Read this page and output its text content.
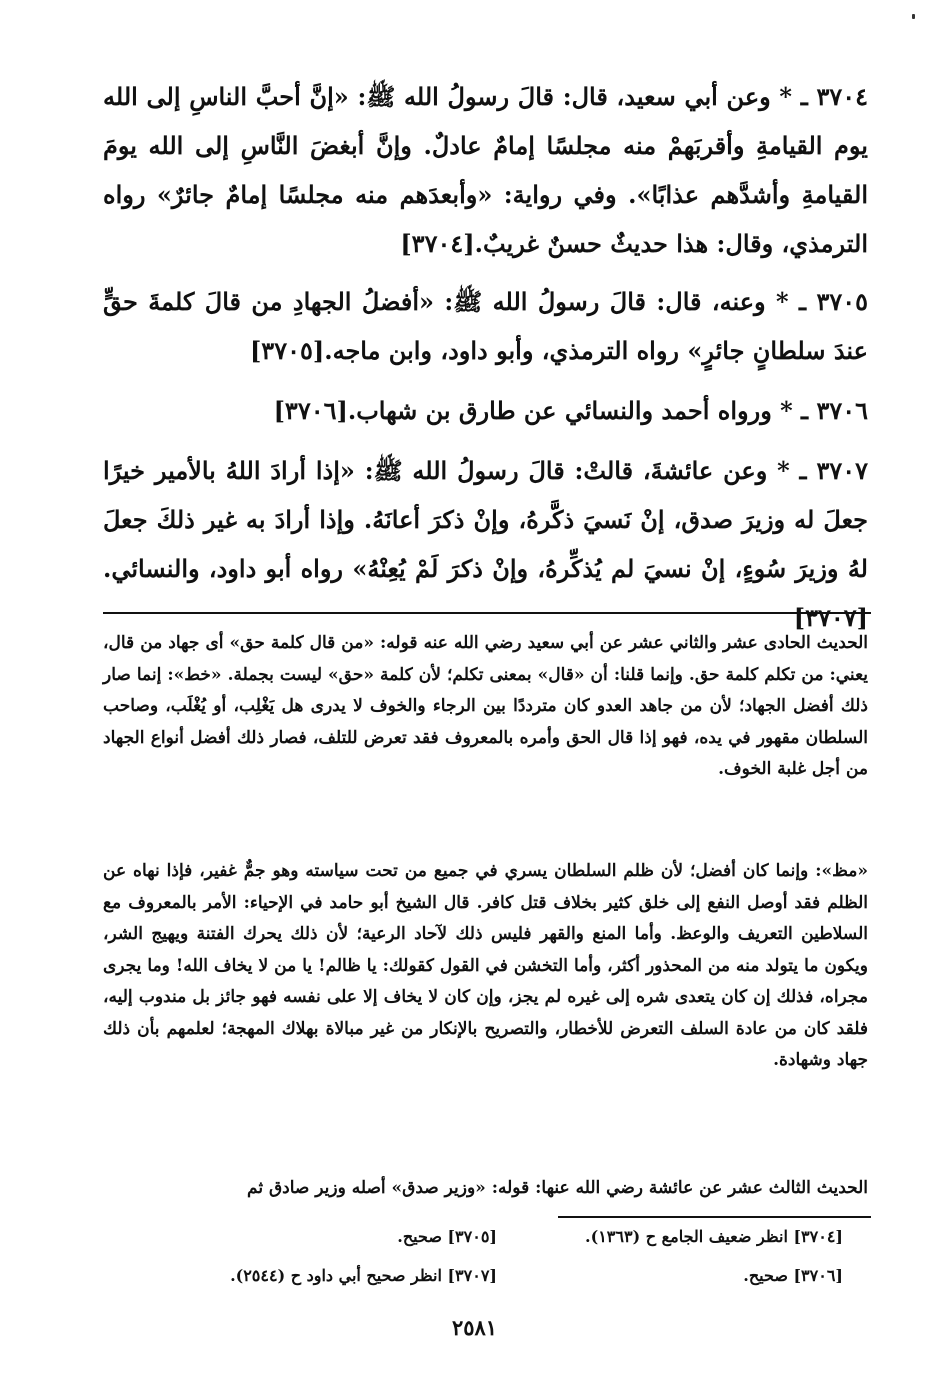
٣٧٠٤ ـ * وعن أبي سعيد، قال: قالَ رسولُ الله ﷺ: «إنَّ أحبَّ الناسِ إلى الله يوم القيامةِ وأقربَهمْ منه مجلسًا إمامٌ عادلٌ. وإنَّ أبغضَ النَّاسِ إلى الله يومَ القيامةِ وأشدَّهم عذابًا». وفي رواية: «وأبعدَهم منه مجلسًا إمامٌ جائرٌ» رواه الترمذي، وقال: هذا حديثٌ حسنٌ غريبٌ.[٣٧٠٤]

٣٧٠٥ ـ * وعنه، قال: قالَ رسولُ الله ﷺ: «أفضلُ الجهادِ من قالَ كلمةَ حقٍّ عندَ سلطانٍ جائرٍ» رواه الترمذي، وأبو داود، وابن ماجه.[٣٧٠٥]

٣٧٠٦ ـ * ورواه أحمد والنسائي عن طارق بن شهاب.[٣٧٠٦]

٣٧٠٧ ـ * وعن عائشةَ، قالتْ: قالَ رسولُ الله ﷺ: «إذا أرادَ اللهُ بالأمير خيرًا جعلَ له وزيرَ صدق، إنْ نَسيَ ذكَّرهُ، وإنْ ذكرَ أعانَهُ. وإذا أرادَ به غير ذلكَ جعلَ لهُ وزيرَ سُوءٍ، إنْ نسيَ لم يُذكِّرهُ، وإنْ ذكرَ لَمْ يُعِنْهُ» رواه أبو داود، والنسائي.[٣٧٠٧]

الحديث الحادى عشر والثاني عشر عن أبي سعيد رضي الله عنه قوله: «من قال كلمة حق» أى جهاد من قال، يعني: من تكلم كلمة حق. وإنما قلنا: أن «قال» بمعنى تكلم؛ لأن كلمة «حق» ليست بجملة. «خط»: إنما صار ذلك أفضل الجهاد؛ لأن من جاهد العدو كان مترددًا بين الرجاء والخوف لا يدرى هل يَغْلِب، أو يُغْلَب، وصاحب السلطان مقهور في يده، فهو إذا قال الحق وأمره بالمعروف فقد تعرض للتلف، فصار ذلك أفضل أنواع الجهاد من أجل غلبة الخوف.

«مظ»: وإنما كان أفضل؛ لأن ظلم السلطان يسري في جميع من تحت سياسته وهو جمٌّ غفير، فإذا نهاه عن الظلم فقد أوصل النفع إلى خلق كثير بخلاف قتل كافر. قال الشيخ أبو حامد في الإحياء: الأمر بالمعروف مع السلاطين التعريف والوعظ. وأما المنع والقهر فليس ذلك لآحاد الرعية؛ لأن ذلك يحرك الفتنة ويهيج الشر، ويكون ما يتولد منه من المحذور أكثر، وأما التخشن في القول كقولك: يا ظالم! يا من لا يخاف الله! وما يجرى مجراه، فذلك إن كان يتعدى شره إلى غيره لم يجز، وإن كان لا يخاف إلا على نفسه فهو جائز بل مندوب إليه، فلقد كان من عادة السلف التعرض للأخطار، والتصريح بالإنكار من غير مبالاة بهلاك المهجة؛ لعلمهم بأن ذلك جهاد وشهادة.

الحديث الثالث عشر عن عائشة رضي الله عنها: قوله: «وزير صدق» أصله وزير صادق ثم

[٣٧٠٤] انظر ضعيف الجامع ح (١٣٦٣).
[٣٧٠٥] صحيح.
[٣٧٠٦] صحيح.
[٣٧٠٧] انظر صحيح أبي داود ح (٢٥٤٤).
٢٥٨١
